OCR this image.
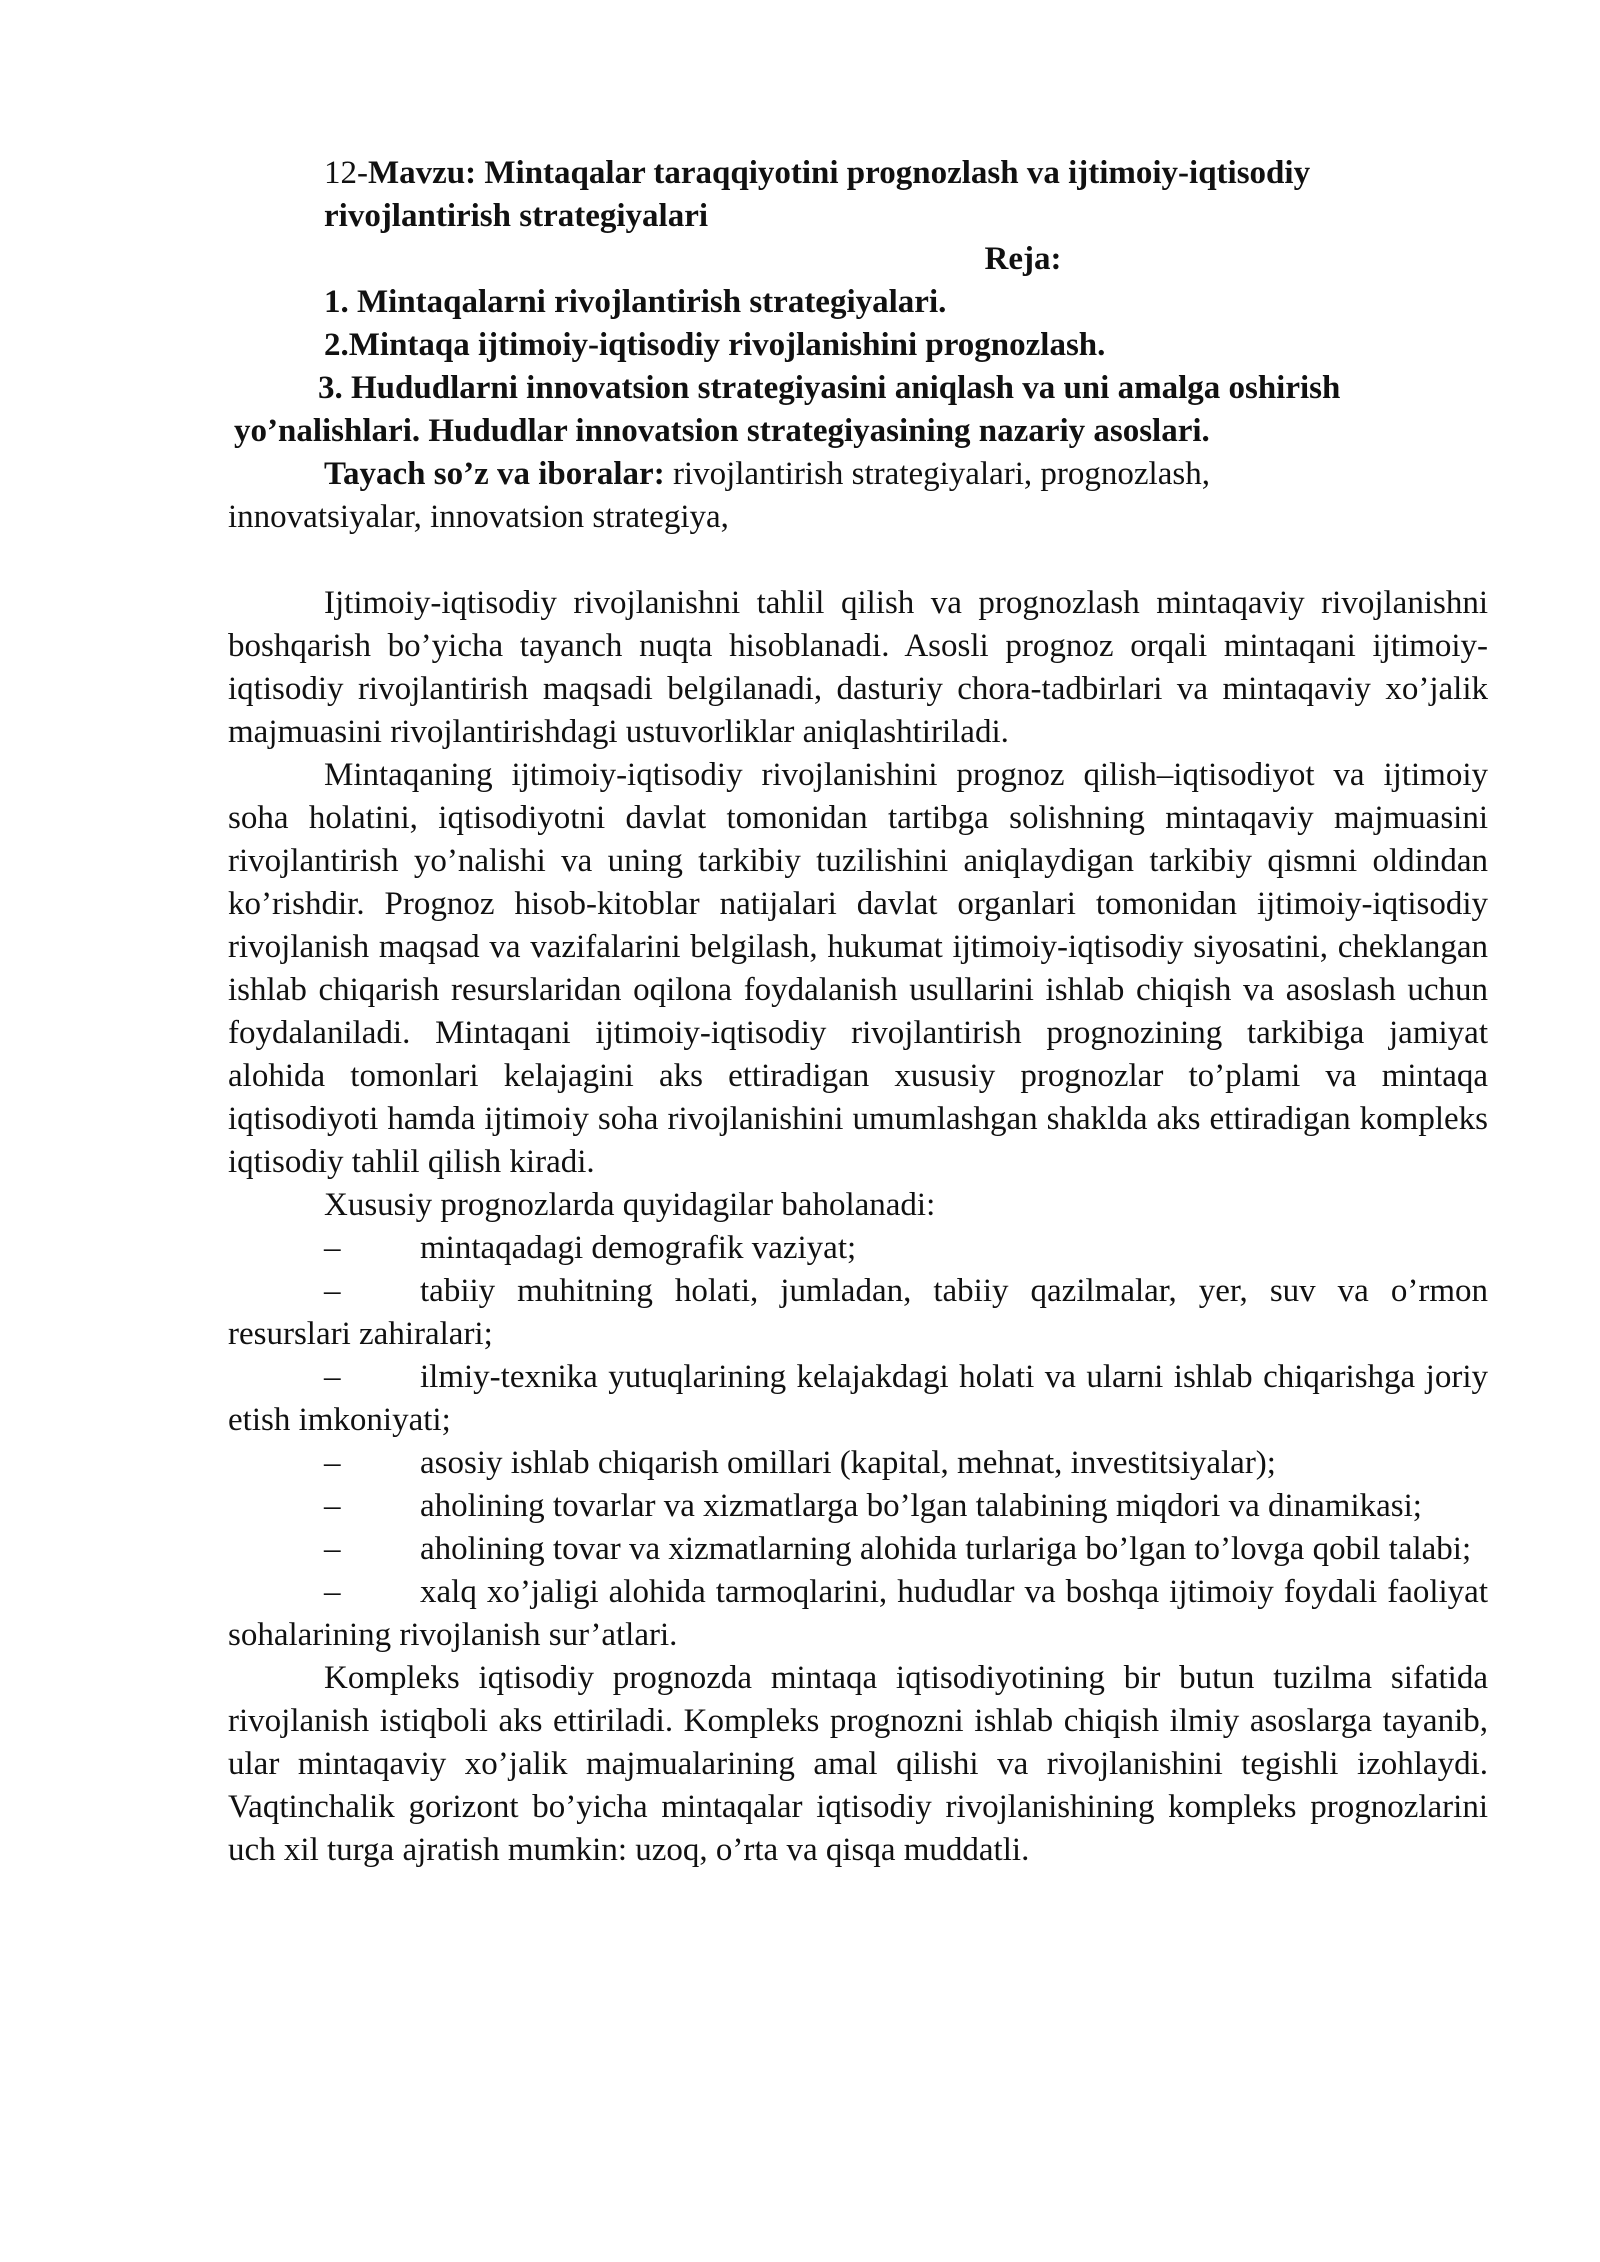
12-Mavzu: Mintaqalar taraqqiyotini prognozlash va ijtimoiy-iqtisodiy
rivojlantirish strategiyalari
Reja:
1. Mintaqalarni rivojlantirish strategiyalari.
2.Mintaqa ijtimoiy-iqtisodiy rivojlanishini prognozlash.
3. Hududlarni innovatsion strategiyasini aniqlash va uni amalga oshirish
yo’nalishlari. Hududlar innovatsion strategiyasining nazariy asoslari.
Tayach so’z va iboralar: rivojlantirish strategiyalari, prognozlash,
innovatsiyalar, innovatsion strategiya,

Ijtimoiy-iqtisodiy rivojlanishni tahlil qilish va prognozlash mintaqaviy rivojlanishni boshqarish bo’yicha tayanch nuqta hisoblanadi. Asosli prognoz orqali mintaqani ijtimoiy-iqtisodiy rivojlantirish maqsadi belgilanadi, dasturiy chora-tadbirlari va mintaqaviy xo’jalik majmuasini rivojlantirishdagi ustuvorliklar aniqlashtiriladi.

Mintaqaning ijtimoiy-iqtisodiy rivojlanishini prognoz qilish–iqtisodiyot va ijtimoiy soha holatini, iqtisodiyotni davlat tomonidan tartibga solishning mintaqaviy majmuasini rivojlantirish yo’nalishi va uning tarkibiy tuzilishini aniqlaydigan tarkibiy qismni oldindan ko’rishdir. Prognoz hisob-kitoblar natijalari davlat organlari tomonidan ijtimoiy-iqtisodiy rivojlanish maqsad va vazifalarini belgilash, hukumat ijtimoiy-iqtisodiy siyosatini, cheklangan ishlab chiqarish resurslaridan oqilona foydalanish usullarini ishlab chiqish va asoslash uchun foydalaniladi. Mintaqani ijtimoiy-iqtisodiy rivojlantirish prognozining tarkibiga jamiyat alohida tomonlari kelajagini aks ettiradigan xususiy prognozlar to’plami va mintaqa iqtisodiyoti hamda ijtimoiy soha rivojlanishini umumlashgan shaklda aks ettiradigan kompleks iqtisodiy tahlil qilish kiradi.

Xususiy prognozlarda quyidagilar baholanadi:

– mintaqadagi demografik vaziyat;

– tabiiy muhitning holati, jumladan, tabiiy qazilmalar, yer, suv va o’rmon resurslari zahiralari;

– ilmiy-texnika yutuqlarining kelajakdagi holati va ularni ishlab chiqarishga joriy etish imkoniyati;

– asosiy ishlab chiqarish omillari (kapital, mehnat, investitsiyalar);

– aholining tovarlar va xizmatlarga bo’lgan talabining miqdori va dinamikasi;

– aholining tovar va xizmatlarning alohida turlariga bo’lgan to’lovga qobil talabi;

– xalq xo’jaligi alohida tarmoqlarini, hududlar va boshqa ijtimoiy foydali faoliyat sohalarining rivojlanish sur’atlari.

Kompleks iqtisodiy prognozda mintaqa iqtisodiyotining bir butun tuzilma sifatida rivojlanish istiqboli aks ettiriladi. Kompleks prognozni ishlab chiqish ilmiy asoslarga tayanib, ular mintaqaviy xo’jalik majmualarining amal qilishi va rivojlanishini tegishli izohlaydi. Vaqtinchalik gorizont bo’yicha mintaqalar iqtisodiy rivojlanishining kompleks prognozlarini uch xil turga ajratish mumkin: uzoq, o’rta va qisqa muddatli.
